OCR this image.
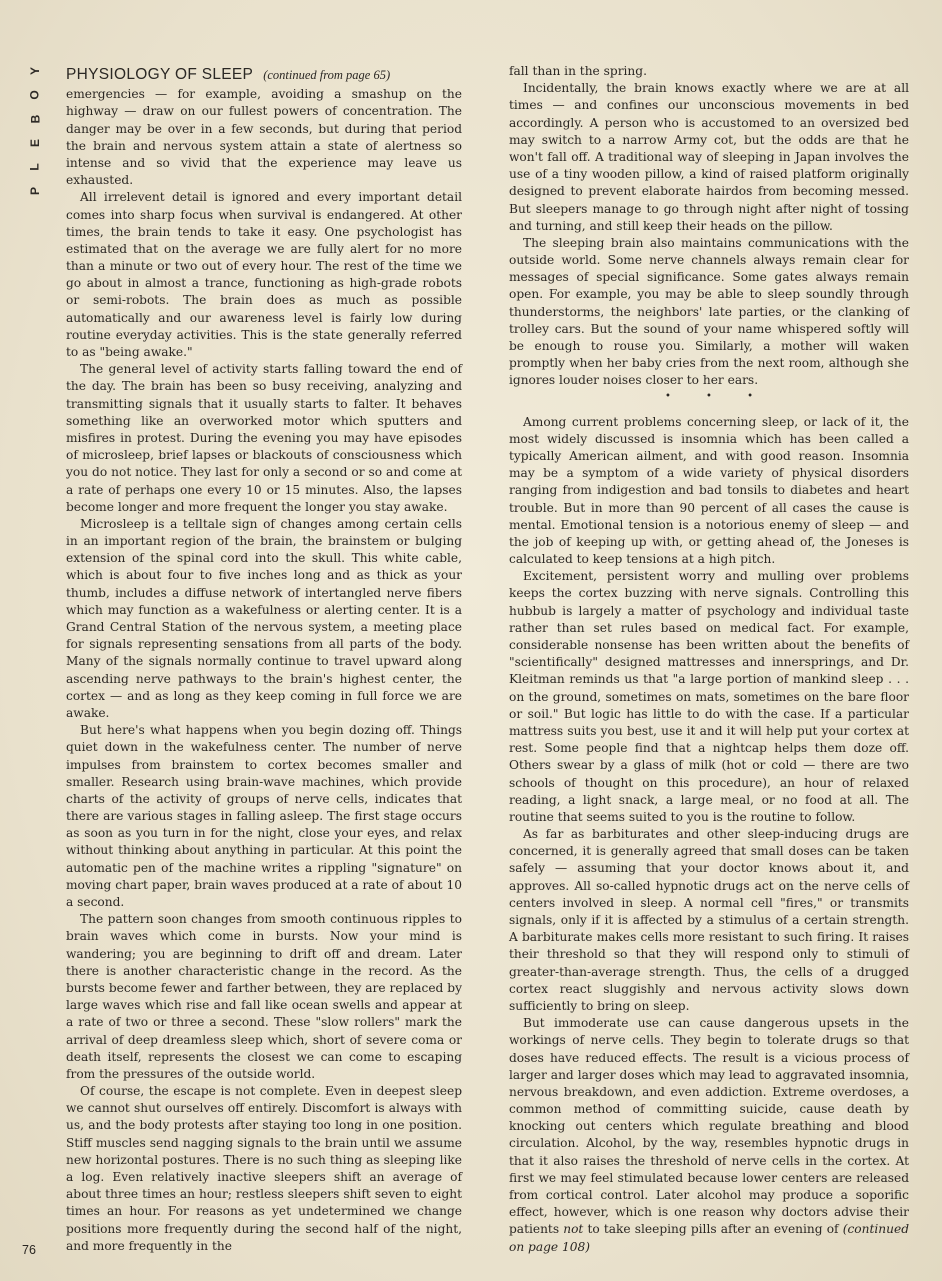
Y
O
B
E
L
P
PHYSIOLOGY OF SLEEP (continued from page 65)

emergencies — for example, avoiding a smashup on the highway — draw on our fullest powers of concentration. The danger may be over in a few seconds, but during that period the brain and nervous system attain a state of alertness so intense and so vivid that the experience may leave us exhausted.

All irrelevent detail is ignored and every important detail comes into sharp focus when survival is endangered. At other times, the brain tends to take it easy. One psychologist has estimated that on the average we are fully alert for no more than a minute or two out of every hour. The rest of the time we go about in almost a trance, functioning as high-grade robots or semi-robots. The brain does as much as possible automatically and our awareness level is fairly low during routine everyday activities. This is the state generally referred to as "being awake."

The general level of activity starts falling toward the end of the day. The brain has been so busy receiving, analyzing and transmitting signals that it usually starts to falter. It behaves something like an overworked motor which sputters and misfires in protest. During the evening you may have episodes of microsleep, brief lapses or blackouts of consciousness which you do not notice. They last for only a second or so and come at a rate of perhaps one every 10 or 15 minutes. Also, the lapses become longer and more frequent the longer you stay awake.

Microsleep is a telltale sign of changes among certain cells in an important region of the brain, the brainstem or bulging extension of the spinal cord into the skull. This white cable, which is about four to five inches long and as thick as your thumb, includes a diffuse network of intertangled nerve fibers which may function as a wakefulness or alerting center. It is a Grand Central Station of the nervous system, a meeting place for signals representing sensations from all parts of the body. Many of the signals normally continue to travel upward along ascending nerve pathways to the brain's highest center, the cortex — and as long as they keep coming in full force we are awake.

But here's what happens when you begin dozing off. Things quiet down in the wakefulness center. The number of nerve impulses from brainstem to cortex becomes smaller and smaller. Research using brain-wave machines, which provide charts of the activity of groups of nerve cells, indicates that there are various stages in falling asleep. The first stage occurs as soon as you turn in for the night, close your eyes, and relax without thinking about anything in particular. At this point the automatic pen of the machine writes a rippling "signature" on moving chart paper, brain waves produced at a rate of about 10 a second.

The pattern soon changes from smooth continuous ripples to brain waves which come in bursts. Now your mind is wandering; you are beginning to drift off and dream. Later there is another characteristic change in the record. As the bursts become fewer and farther between, they are replaced by large waves which rise and fall like ocean swells and appear at a rate of two or three a second. These "slow rollers" mark the arrival of deep dreamless sleep which, short of severe coma or death itself, represents the closest we can come to escaping from the pressures of the outside world.

Of course, the escape is not complete. Even in deepest sleep we cannot shut ourselves off entirely. Discomfort is always with us, and the body protests after staying too long in one position. Stiff muscles send nagging signals to the brain until we assume new horizontal postures. There is no such thing as sleeping like a log. Even relatively inactive sleepers shift an average of about three times an hour; restless sleepers shift seven to eight times an hour. For reasons as yet undetermined we change positions more frequently during the second half of the night, and more frequently in the

fall than in the spring.

Incidentally, the brain knows exactly where we are at all times — and confines our unconscious movements in bed accordingly. A person who is accustomed to an oversized bed may switch to a narrow Army cot, but the odds are that he won't fall off. A traditional way of sleeping in Japan involves the use of a tiny wooden pillow, a kind of raised platform originally designed to prevent elaborate hairdos from becoming messed. But sleepers manage to go through night after night of tossing and turning, and still keep their heads on the pillow.

The sleeping brain also maintains communications with the outside world. Some nerve channels always remain clear for messages of special significance. Some gates always remain open. For example, you may be able to sleep soundly through thunderstorms, the neighbors' late parties, or the clanking of trolley cars. But the sound of your name whispered softly will be enough to rouse you. Similarly, a mother will waken promptly when her baby cries from the next room, although she ignores louder noises closer to her ears.

• • •

Among current problems concerning sleep, or lack of it, the most widely discussed is insomnia which has been called a typically American ailment, and with good reason. Insomnia may be a symptom of a wide variety of physical disorders ranging from indigestion and bad tonsils to diabetes and heart trouble. But in more than 90 percent of all cases the cause is mental. Emotional tension is a notorious enemy of sleep — and the job of keeping up with, or getting ahead of, the Joneses is calculated to keep tensions at a high pitch.

Excitement, persistent worry and mulling over problems keeps the cortex buzzing with nerve signals. Controlling this hubbub is largely a matter of psychology and individual taste rather than set rules based on medical fact. For example, considerable nonsense has been written about the benefits of "scientifically" designed mattresses and innersprings, and Dr. Kleitman reminds us that "a large portion of mankind sleep . . . on the ground, sometimes on mats, sometimes on the bare floor or soil." But logic has little to do with the case. If a particular mattress suits you best, use it and it will help put your cortex at rest. Some people find that a nightcap helps them doze off. Others swear by a glass of milk (hot or cold — there are two schools of thought on this procedure), an hour of relaxed reading, a light snack, a large meal, or no food at all. The routine that seems suited to you is the routine to follow.

As far as barbiturates and other sleep-inducing drugs are concerned, it is generally agreed that small doses can be taken safely — assuming that your doctor knows about it, and approves. All so-called hypnotic drugs act on the nerve cells of centers involved in sleep. A normal cell "fires," or transmits signals, only if it is affected by a stimulus of a certain strength. A barbiturate makes cells more resistant to such firing. It raises their threshold so that they will respond only to stimuli of greater-than-average strength. Thus, the cells of a drugged cortex react sluggishly and nervous activity slows down sufficiently to bring on sleep.

But immoderate use can cause dangerous upsets in the workings of nerve cells. They begin to tolerate drugs so that doses have reduced effects. The result is a vicious process of larger and larger doses which may lead to aggravated insomnia, nervous breakdown, and even addiction. Extreme overdoses, a common method of committing suicide, cause death by knocking out centers which regulate breathing and blood circulation. Alcohol, by the way, resembles hypnotic drugs in that it also raises the threshold of nerve cells in the cortex. At first we may feel stimulated because lower centers are released from cortical control. Later alcohol may produce a soporific effect, however, which is one reason why doctors advise their patients not to take sleeping pills after an evening of (continued on page 108)

76
